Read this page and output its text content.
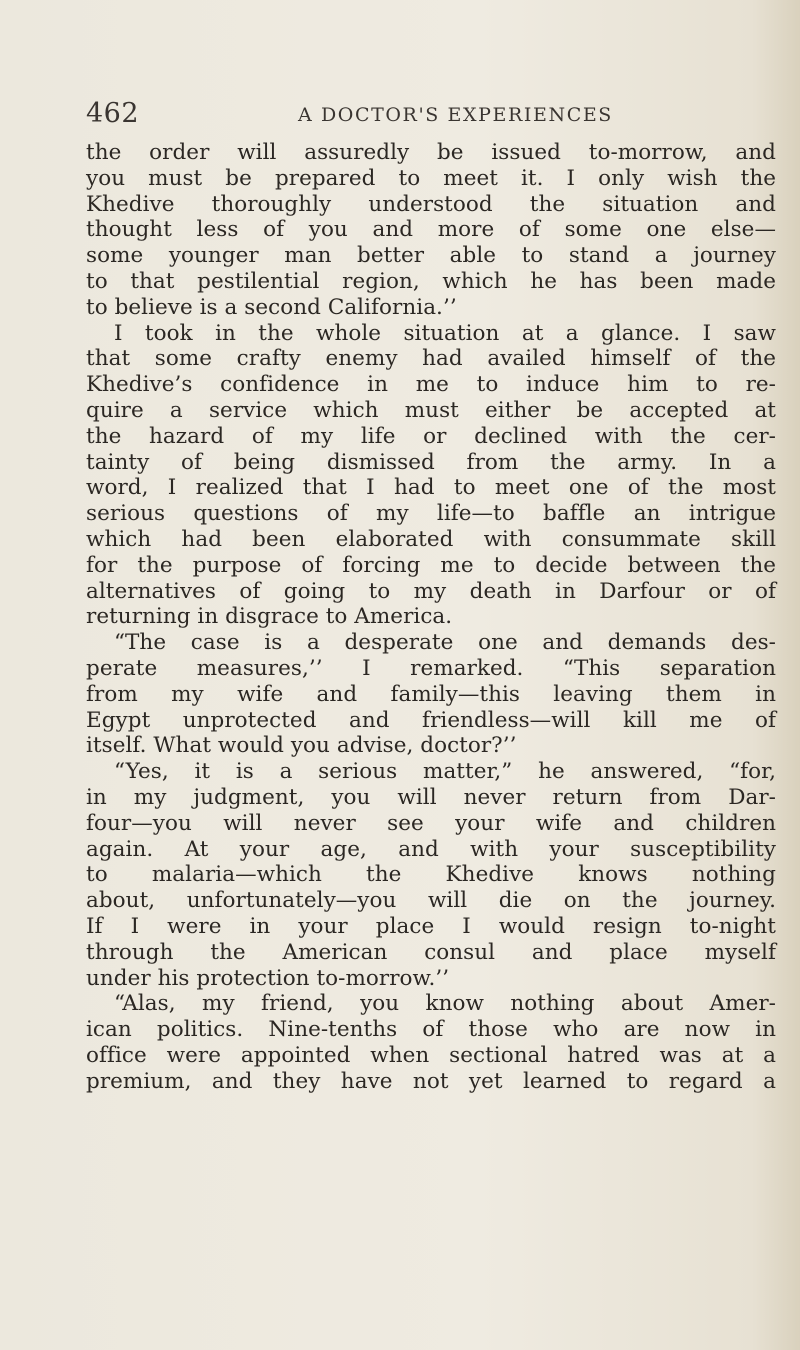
462	A DOCTOR'S EXPERIENCES
the order will assuredly be issued to-morrow, and
you must be prepared to meet it. I only wish the
Khedive thoroughly understood the situation and
thought less of you and more of some one else—
some younger man better able to stand a journey
to that pestilential region, which he has been made
to believe is a second California.’’
I took in the whole situation at a glance. I saw
that some crafty enemy had availed himself of the
Khedive’s confidence in me to induce him to re-
quire a service which must either be accepted at
the hazard of my life or declined with the cer-
tainty of being dismissed from the army. In a
word, I realized that I had to meet one of the most
serious questions of my life—to baffle an intrigue
which had been elaborated with consummate skill
for the purpose of forcing me to decide between the
alternatives of going to my death in Darfour or of
returning in disgrace to America.
“The case is a desperate one and demands des-
perate measures,’’ I remarked. “This separation
from my wife and family—this leaving them in
Egypt unprotected and friendless—will kill me of
itself. What would you advise, doctor?’’
“Yes, it is a serious matter,” he answered, “for,
in my judgment, you will never return from Dar-
four—you will never see your wife and children
again. At your age, and with your susceptibility
to malaria—which the Khedive knows nothing
about, unfortunately—you will die on the journey.
If I were in your place I would resign to-night
through the American consul and place myself
under his protection to-morrow.’’
“Alas, my friend, you know nothing about Amer-
ican politics. Nine-tenths of those who are now in
office were appointed when sectional hatred was at a
premium, and they have not yet learned to regard a
